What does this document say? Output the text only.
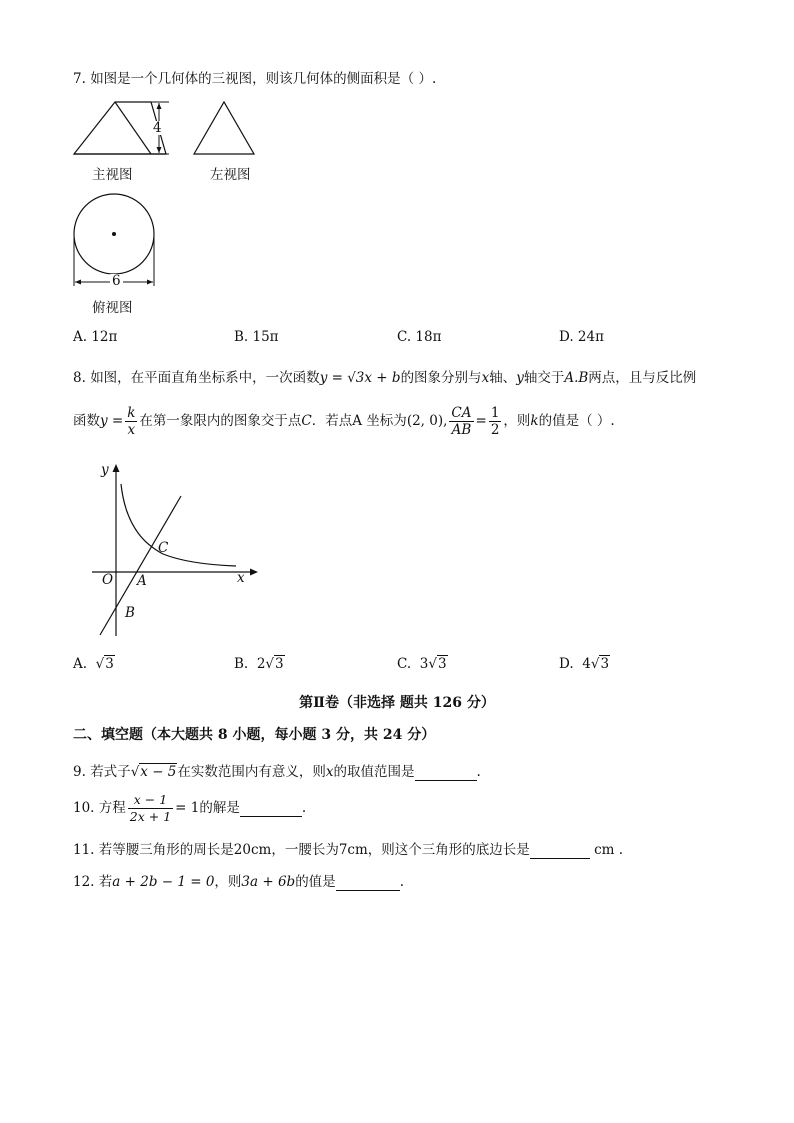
7. 如图是一个几何体的三视图，则该几何体的侧面积是（ ）.
4
主视图	左视图
6
俯视图
A. 12π	B. 15π	C. 18π	D. 24π
8. 如图，在平面直角坐标系中，一次函数y = √3x + b的图象分别与x轴、y轴交于A.B两点，且与反比例
函数$y = \frac{k}{x}$ 在第一象限内的图象交于点C．若点A 坐标为(2, 0), $\frac{CA}{AB} = \frac{1}{2}$ ，则k的值是（ ）.
y
x
O A
B
C
A. √3	B. 2√3	C. 3√3	D. 4√3
第Ⅱ卷（非选择 题共 126 分）
二、填空题（本大题共 8 小题，每小题 3 分，共 24 分）
9. 若式子√x − 5在实数范围内有意义，则x的取值范围是	.
10. 方程 $\frac{x - 1}{2x + 1} = 1$的解是	.
11. 若等腰三角形的周长是20cm，一腰长为7cm，则这个三角形的底边长是	cm .
12. 若a + 2b − 1 = 0，则3a + 6b的值是	.
